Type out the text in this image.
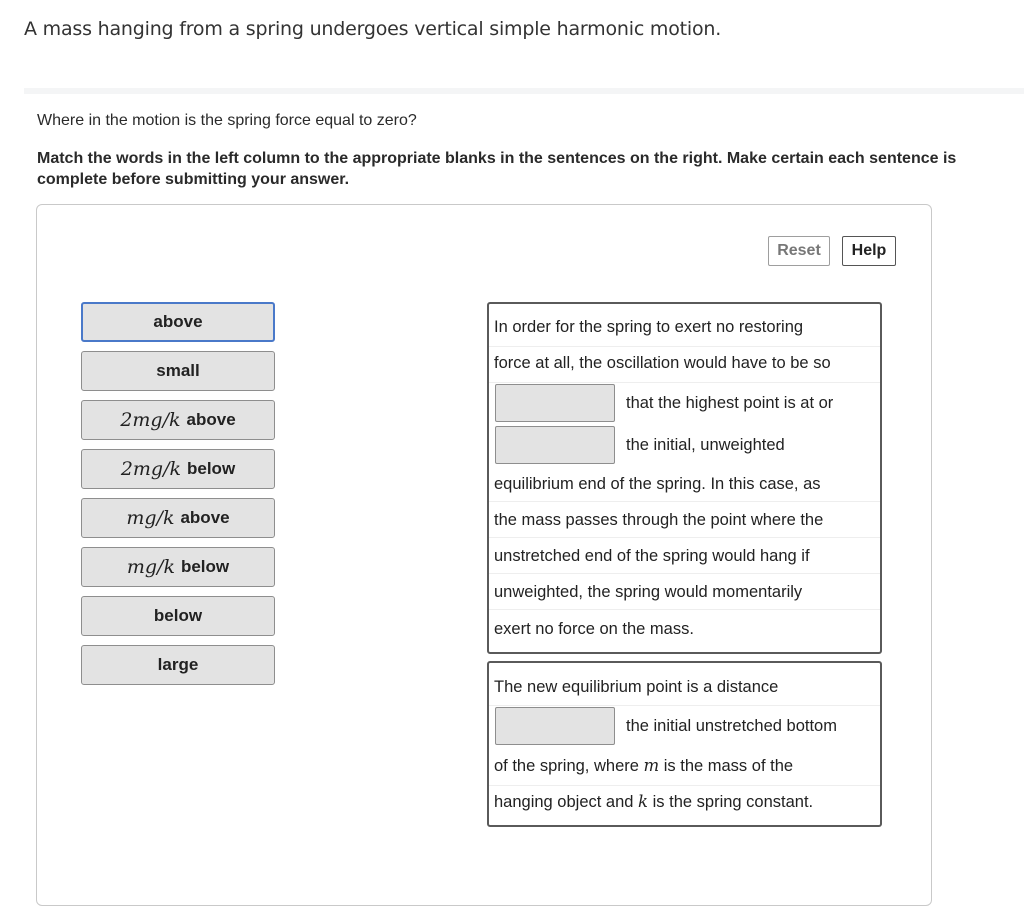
A mass hanging from a spring undergoes vertical simple harmonic motion.
Where in the motion is the spring force equal to zero?
Match the words in the left column to the appropriate blanks in the sentences on the right. Make certain each sentence is complete before submitting your answer.
Reset	Help
above
small
2mg/k above
2mg/k below
mg/k above
mg/k below
below
large
In order for the spring to exert no restoring
force at all, the oscillation would have to be so
that the highest point is at or
the initial, unweighted
equilibrium end of the spring. In this case, as
the mass passes through the point where the
unstretched end of the spring would hang if
unweighted, the spring would momentarily
exert no force on the mass.
The new equilibrium point is a distance
the initial unstretched bottom
of the spring, where m is the mass of the
hanging object and k is the spring constant.
